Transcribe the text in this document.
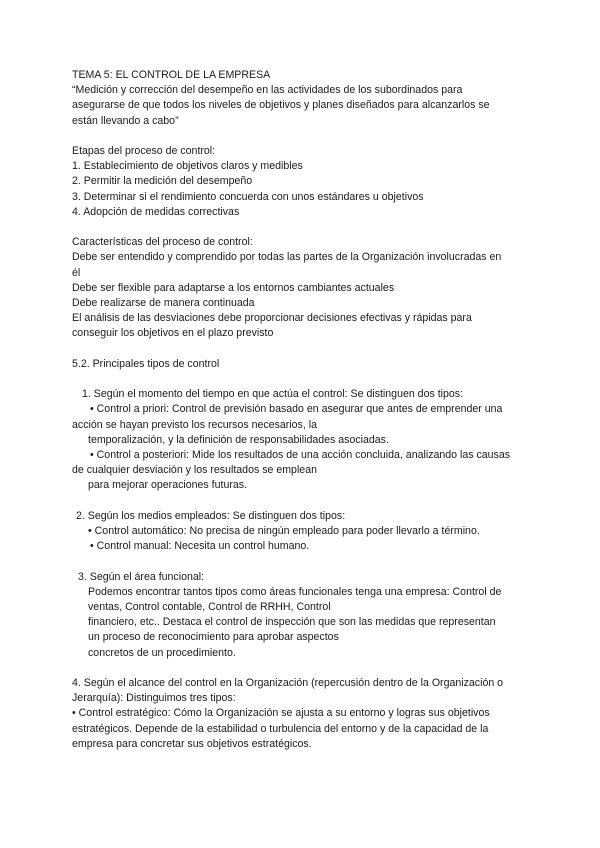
TEMA 5: EL CONTROL DE LA EMPRESA
“Medición y corrección del desempeño en las actividades de los subordinados para
asegurarse de que todos los niveles de objetivos y planes diseñados para alcanzarlos se
están llevando a cabo”
Etapas del proceso de control:
1. Establecimiento de objetivos claros y medibles
2. Permitir la medición del desempeño
3. Determinar si el rendimiento concuerda con unos estándares u objetivos
4. Adopción de medidas correctivas
Características del proceso de control:
Debe ser entendido y comprendido por todas las partes de la Organización involucradas en
él
Debe ser flexible para adaptarse a los entornos cambiantes actuales
Debe realizarse de manera continuada
El análisis de las desviaciones debe proporcionar decisiones efectivas y rápidas para
conseguir los objetivos en el plazo previsto
5.2. Principales tipos de control
1. Según el momento del tiempo en que actúa el control: Se distinguen dos tipos:
• Control a priori: Control de previsión basado en asegurar que antes de emprender una
acción se hayan previsto los recursos necesarios, la
temporalización, y la definición de responsabilidades asociadas.
• Control a posteriori: Mide los resultados de una acción concluida, analizando las causas
de cualquier desviación y los resultados se emplean
para mejorar operaciones futuras.
2. Según los medios empleados: Se distinguen dos tipos:
• Control automático: No precisa de ningún empleado para poder llevarlo a término.
• Control manual: Necesita un control humano.
3. Según el área funcional:
Podemos encontrar tantos tipos como áreas funcionales tenga una empresa: Control de
ventas, Control contable, Control de RRHH, Control
financiero, etc.. Destaca el control de inspección que son las medidas que representan
un proceso de reconocimiento para aprobar aspectos
concretos de un procedimiento.
4. Según el alcance del control en la Organización (repercusión dentro de la Organización o
Jerarquía): Distinguimos tres tipos:
• Control estratégico: Cómo la Organización se ajusta a su entorno y logras sus objetivos
estratégicos. Depende de la estabilidad o turbulencia del entorno y de la capacidad de la
empresa para concretar sus objetivos estratégicos.
